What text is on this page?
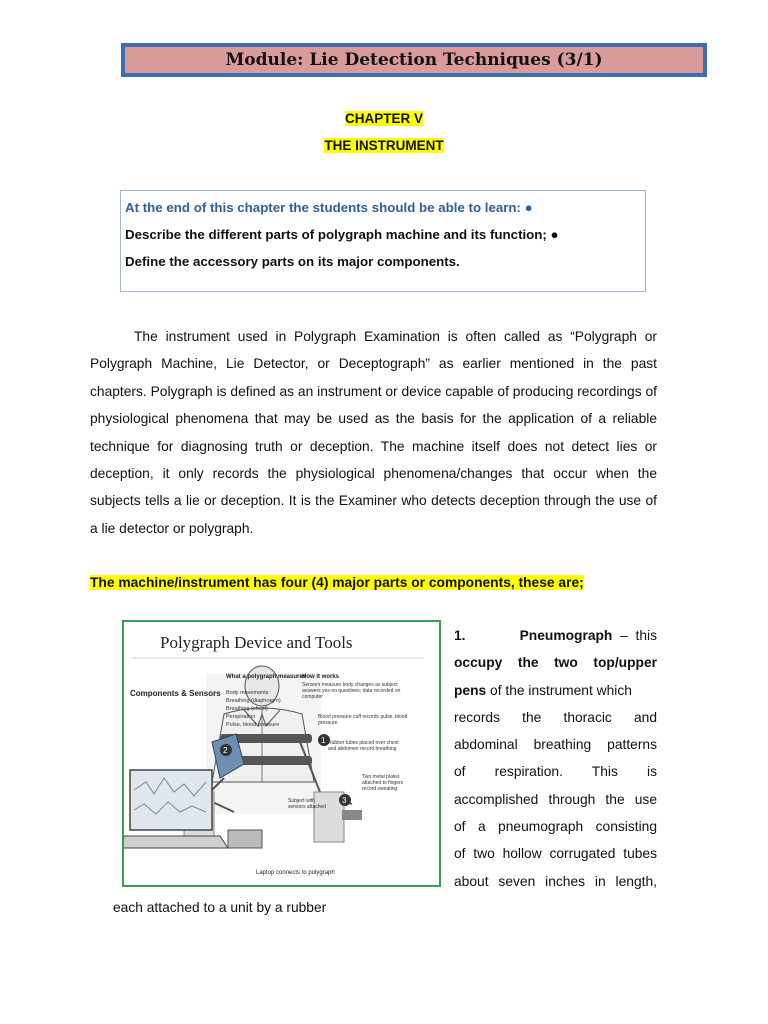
Module: Lie Detection Techniques (3/1)
CHAPTER V
THE INSTRUMENT
At the end of this chapter the students should be able to learn: ●
Describe the different parts of polygraph machine and its function; ●
Define the accessory parts on its major components.

The instrument used in Polygraph Examination is often called as “Polygraph or Polygraph Machine, Lie Detector, or Deceptograph” as earlier mentioned in the past chapters. Polygraph is defined as an instrument or device capable of producing recordings of physiological phenomena that may be used as the basis for the application of a reliable technique for diagnosing truth or deception. The machine itself does not detect lies or deception, it only records the physiological phenomena/changes that occur when the subjects tells a lie or deception. It is the Examiner who detects deception through the use of a lie detector or polygraph.

The machine/instrument has four (4) major parts or components, these are;
Polygraph Device and Tools
2
1
3
Components & Sensors
What a polygraph measures
Body movements
Breathing (diaphragm)
Breathing (chest)
Perspiration
Pulse, blood pressure
How it works
Sensors measure body changes as subject answers yes-no questions; data recorded on computer
Blood pressure cuff records pulse, blood pressure
Rubber tubes placed over chest and abdomen record breathing
Two metal plates attached to fingers record sweating
Subject with sensors attached
Laptop connects to polygraph
1.	Pneumograph – this
occupy the two top/upper pens of the instrument which
records the thoracic and
abdominal breathing patterns
of respiration. This is
accomplished through the use
of a pneumograph consisting
of two hollow corrugated tubes
about seven inches in length,
each attached to a unit by a rubber
